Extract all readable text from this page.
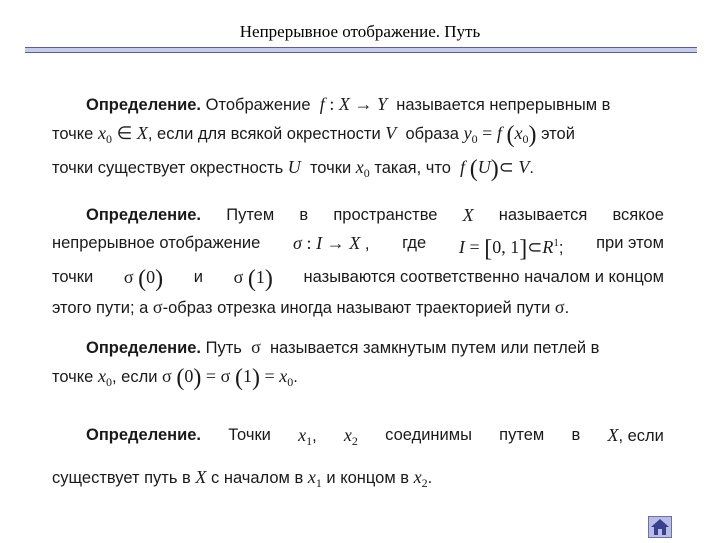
Непрерывное отображение. Путь
Определение. Отображение f : X → Y называется непрерывным в
точке $x_0$ ∈ X, если для всякой окрестности V образа $y_0 = f$ $(x_0)$ этой
точки существует окрестность U точки $x_0$ такая, что f (U)⊂ V.
Определение. Путем в пространстве X называется всякое
непрерывное отображение σ : I → X , где I = [0, $1]\subset R^1$; при этом
точки σ (0) и σ (1) называются соответственно началом и концом
этого пути; а σ-образ отрезка иногда называют траекторией пути σ.
Определение. Путь σ называется замкнутым путем или петлей в
точке $x_0$, если σ (0) = σ $(1) = x_0$.
Определение. Точки $x_1$, $x_2$ соединимы путем в X, если
существует путь в X с началом в $x_1$ и концом в $x_2$.
